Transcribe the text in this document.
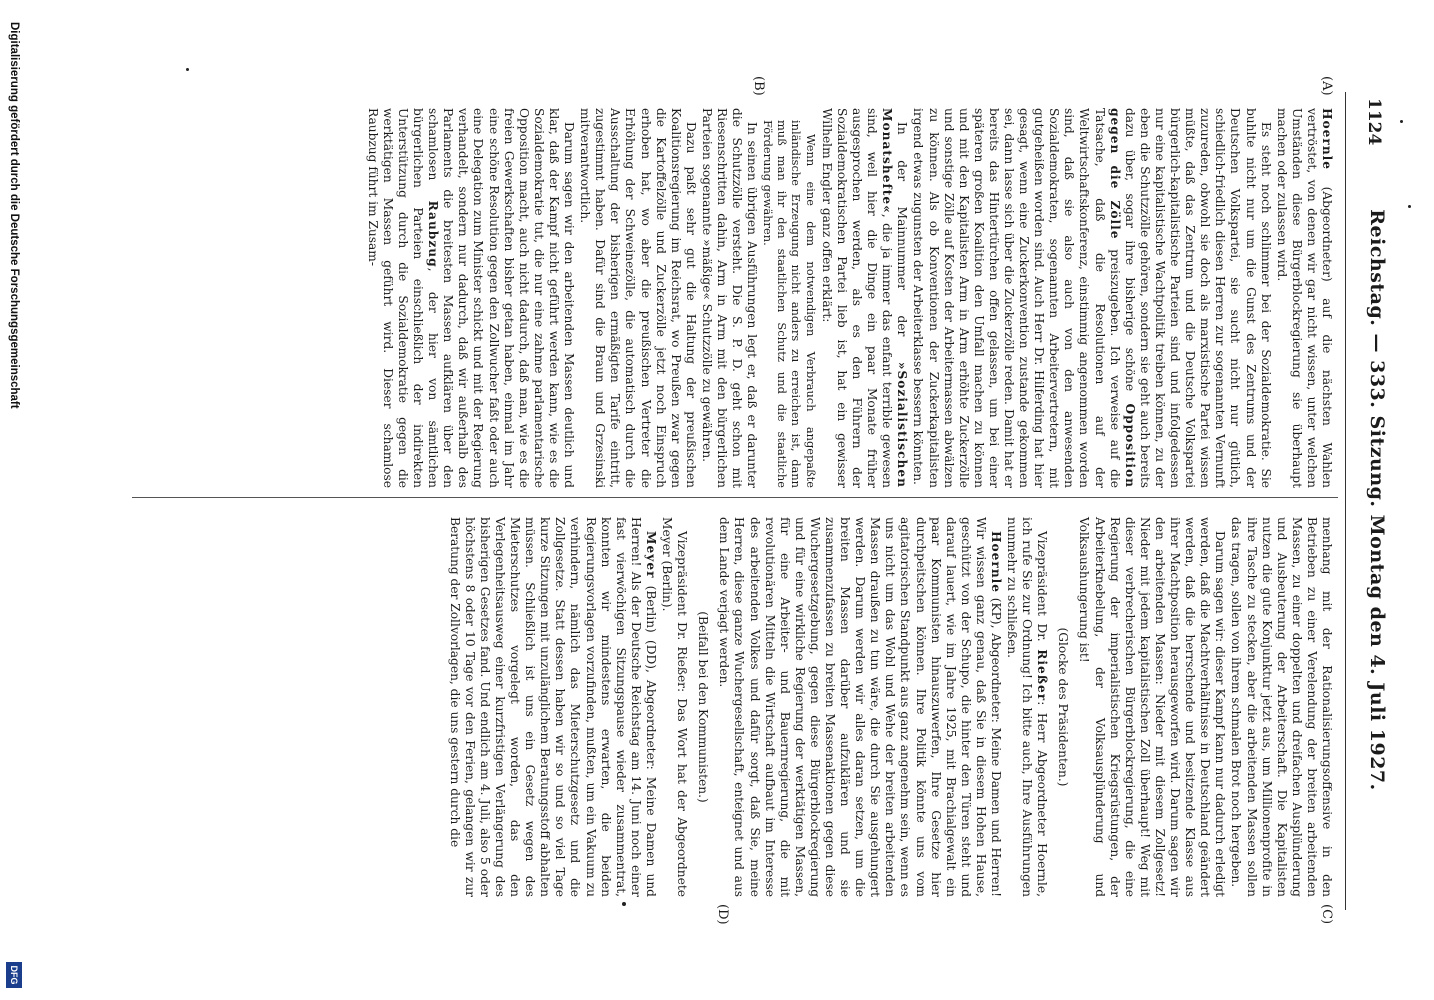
1124
Reichstag. — 333. Sitzung. Montag den 4. Juli 1927.
(A)
(B)
(C)
(D)

Hoernle (Abgeordneter) auf die nächsten Wahlen vertröstet, von denen wir gar nicht wissen, unter welchen Umständen diese Bürgerblockregierung sie überhaupt machen oder zulassen wird.

Es steht noch schlimmer bei der Sozialdemokratie. Sie buhlte nicht nur um die Gunst des Zentrums und der Deutschen Volkspartei, sie sucht nicht nur gütlich, schiedlich-friedlich diesen Herren zur sogenannten Vernunft zuzureden, obwohl sie doch als marxistische Partei wissen müßte, daß das Zentrum und die Deutsche Volkspartei bürgerlich-kapitalistische Parteien sind und infolgedessen nur eine kapitalistische Wachtpolitik treiben können, zu der eben die Schutzzölle gehören, sondern sie geht auch bereits dazu über, sogar ihre bisherige schöne Opposition gegen die Zölle preiszugeben. Ich verweise auf die Tatsache, daß die Resolutionen auf der Weltwirtschaftskonferenz, einstimmig angenommen worden sind, daß sie also auch von den anwesenden Sozialdemokraten, sogenannten Arbeitervertretern, mit gutgeheißen worden sind. Auch Herr Dr. Hilferding hat hier gesagt, wenn eine Zuckerkonvention zustande gekommen sei, dann lasse sich über die Zuckerzölle reden. Damit hat er bereits das Hintertürchen offen gelassen, um bei einer späteren großen Koalition den Umfall machen zu können und mit den Kapitalisten Arm in Arm erhöhte Zuckerzölle und sonstige Zölle auf Kosten der Arbeitermassen abwälzen zu können. Als ob Konventionen der Zuckerkapitalisten irgend etwas zugunsten der Arbeiterklasse bessern könnten.

In der Mainnummer der »Sozialistischen Monatshefte«, die ja immer das enfant terrible gewesen sind, weil hier die Dinge ein paar Monate früher ausgesprochen werden, als es den Führern der Sozialdemokratischen Partei lieb ist, hat ein gewisser Wilhelm Engler ganz offen erklärt:

Wenn eine dem notwendigen Verbrauch angepaßte inländische Erzeugung nicht anders zu erreichen ist, dann muß man ihr den staatlichen Schutz und die staatliche Förderung gewähren.

In seinen übrigen Ausführungen legt er, daß er darunter die Schutzzölle versteht. Die S. P. D. geht schon mit Riesenschritten dahin, Arm in Arm mit den bürgerlichen Parteien sogenannte »mäßige« Schutzzölle zu gewähren.

Dazu paßt sehr gut die Haltung der preußischen Koalitionsregierung im Reichsrat, wo Preußen zwar gegen die Kartoffelzölle und Zuckerzölle jetzt noch Einspruch erhoben hat, wo aber die preußischen Vertreter die Erhöhung der Schweinezölle, die automatisch durch die Ausschaltung der bisherigen ermäßigten Tarife eintritt, zugestimmt haben. Dafür sind die Braun und Grzesinski mitverantwortlich.

Darum sagen wir den arbeitenden Massen deutlich und klar, daß der Kampf nicht geführt werden kann, wie es die Sozialdemokratie tut, die nur eine zahme parlamentarische Opposition macht, auch nicht dadurch, daß man, wie es die freien Gewerkschaften bisher getan haben, einmal im Jahr eine schöne Resolution gegen den Zollwucher faßt oder auch eine Delegation zum Minister schickt und mit der Regierung verhandelt, sondern nur dadurch, daß wir außerhalb des Parlaments die breitesten Massen aufklären über den schamlosen Raubzug, der hier von sämtlichen bürgerlichen Parteien einschließlich der indirekten Unterstützung durch die Sozialdemokratie gegen die werktätigen Massen geführt wird. Dieser schamlose Raubzug führt im Zusam-

menhang mit der Rationalisierungsoffensive in den Betrieben zu einer Verelendung der breiten arbeitenden Massen, zu einer doppelten und dreifachen Ausplünderung und Ausbeuterung der Arbeiterschaft. Die Kapitalisten nutzen die gute Konjunktur jetzt aus, um Millionenprofite in ihre Tasche zu stecken, aber die arbeitenden Massen sollen das tragen, sollen von ihrem schmalen Brot noch hergeben.

Darum sagen wir: dieser Kampf kann nur dadurch erledigt werden, daß die Machtverhältnisse in Deutschland geändert werden, daß die herrschende und besitzende Klasse aus ihrer Machtposition herausgeworfen wird. Darum sagen wir den arbeitenden Massen: Nieder mit diesem Zollgesetz! Nieder mit jedem kapitalistischen Zoll überhaupt! Weg mit dieser verbrecherischen Bürgerblockregierung, die eine Regierung der imperialistischen Kriegsrüstungen, der Arbeiterknebelung, der Volksausplünderung und Volksaushungerung ist!

(Glocke des Präsidenten.)

Vizepräsident Dr. Rießer: Herr Abgeordneter Hoernle, ich rufe Sie zur Ordnung! Ich bitte auch, Ihre Ausführungen nunmehr zu schließen.

Hoernle (KP), Abgeordneter: Meine Damen und Herren! Wir wissen ganz genau, daß Sie in diesem Hohen Hause, geschützt von der Schupo, die hinter den Türen steht und darauf lauert, wie im Jahre 1925, mit Brachialgewalt ein paar Kommunisten hinauszuwerfen, Ihre Gesetze hier durchpeitschen können. Ihre Politik könnte uns vom agitatorischen Standpunkt aus ganz angenehm sein, wenn es uns nicht um das Wohl und Wehe der breiten arbeitenden Massen draußen zu tun wäre, die durch Sie ausgehungert werden. Darum werden wir alles daran setzen, um die breiten Massen darüber aufzuklären und sie zusammenzufassen zu breiten Massenaktionen gegen diese Wuchergesetzgebung, gegen diese Bürgerblockregierung und für eine wirkliche Regierung der werktätigen Massen, für eine Arbeiter- und Bauernregierung, die mit revolutionären Mitteln die Wirtschaft aufbaut im Interesse des arbeitenden Volkes und dafür sorgt, daß Sie, meine Herren, diese ganze Wuchergesellschaft, enteignet und aus dem Lande verjagt werden.

(Beifall bei den Kommunisten.)

Vizepräsident Dr. Rießer: Das Wort hat der Abgeordnete Meyer (Berlin).

Meyer (Berlin) (DD), Abgeordneter: Meine Damen und Herren! Als der Deutsche Reichstag am 14. Juni noch einer fast vierwöchigen Sitzungspause wieder zusammentrat, konnten wir mindestens erwarten, die beiden Regierungsvorlagen vorzufinden, mußten, um ein Vakuum zu verhindern, nämlich das Mieterschutzgesetz und die Zollgesetze. Statt dessen haben wir so und so viel Tage kurze Sitzungen mit unzulänglichem Beratungsstoff abhalten müssen. Schließlich ist uns ein Gesetz wegen des Mieterschutzes vorgelegt worden, das den Verlegenheitsausweg einer kurzfristigen Verlängerung des bisherigen Gesetzes fand. Und endlich am 4. Juli, also 5 oder höchstens 8 oder 10 Tage vor den Ferien, gelangen wir zur Beratung der Zollvorlagen, die uns gestern durch die

Digitalisierung gefördert durch die Deutsche Forschungsgemeinschaft
DFG
